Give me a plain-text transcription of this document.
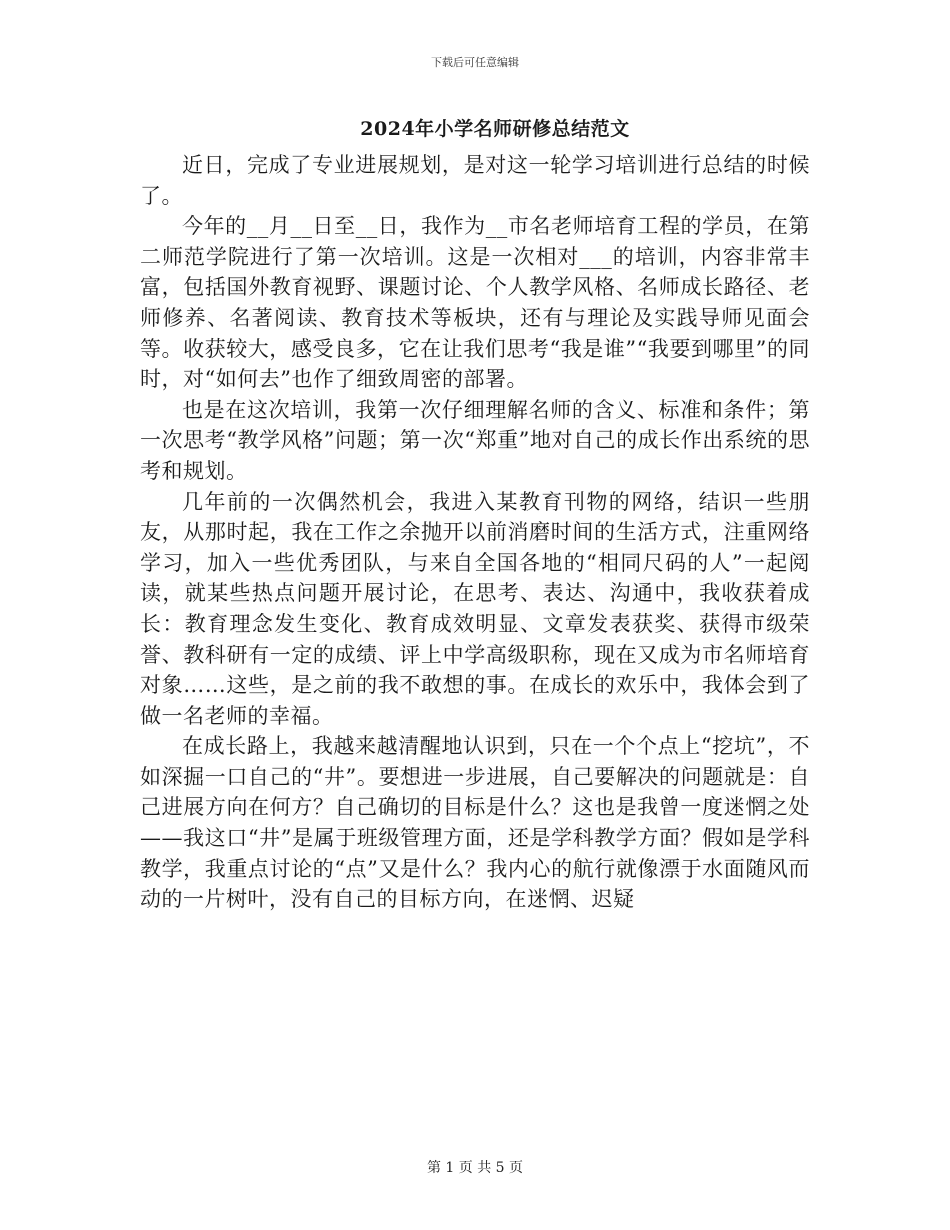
下载后可任意编辑
2024年小学名师研修总结范文

近日，完成了专业进展规划，是对这一轮学习培训进行总结的时候了。

今年的__月__日至__日，我作为__市名老师培育工程的学员，在第二师范学院进行了第一次培训。这是一次相对___的培训，内容非常丰富，包括国外教育视野、课题讨论、个人教学风格、名师成长路径、老师修养、名著阅读、教育技术等板块，还有与理论及实践导师见面会等。收获较大，感受良多，它在让我们思考“我是谁”“我要到哪里”的同时，对“如何去”也作了细致周密的部署。

也是在这次培训，我第一次仔细理解名师的含义、标准和条件；第一次思考“教学风格”问题；第一次“郑重”地对自己的成长作出系统的思考和规划。

几年前的一次偶然机会，我进入某教育刊物的网络，结识一些朋友，从那时起，我在工作之余抛开以前消磨时间的生活方式，注重网络学习，加入一些优秀团队，与来自全国各地的“相同尺码的人”一起阅读，就某些热点问题开展讨论，在思考、表达、沟通中，我收获着成长：教育理念发生变化、教育成效明显、文章发表获奖、获得市级荣誉、教科研有一定的成绩、评上中学高级职称，现在又成为市名师培育对象……这些，是之前的我不敢想的事。在成长的欢乐中，我体会到了做一名老师的幸福。

在成长路上，我越来越清醒地认识到，只在一个个点上“挖坑”，不如深掘一口自己的“井”。要想进一步进展，自己要解决的问题就是：自己进展方向在何方？自己确切的目标是什么？这也是我曾一度迷惘之处——我这口“井”是属于班级管理方面，还是学科教学方面？假如是学科教学，我重点讨论的“点”又是什么？我内心的航行就像漂于水面随风而动的一片树叶，没有自己的目标方向，在迷惘、迟疑

第 1 页 共 5 页
